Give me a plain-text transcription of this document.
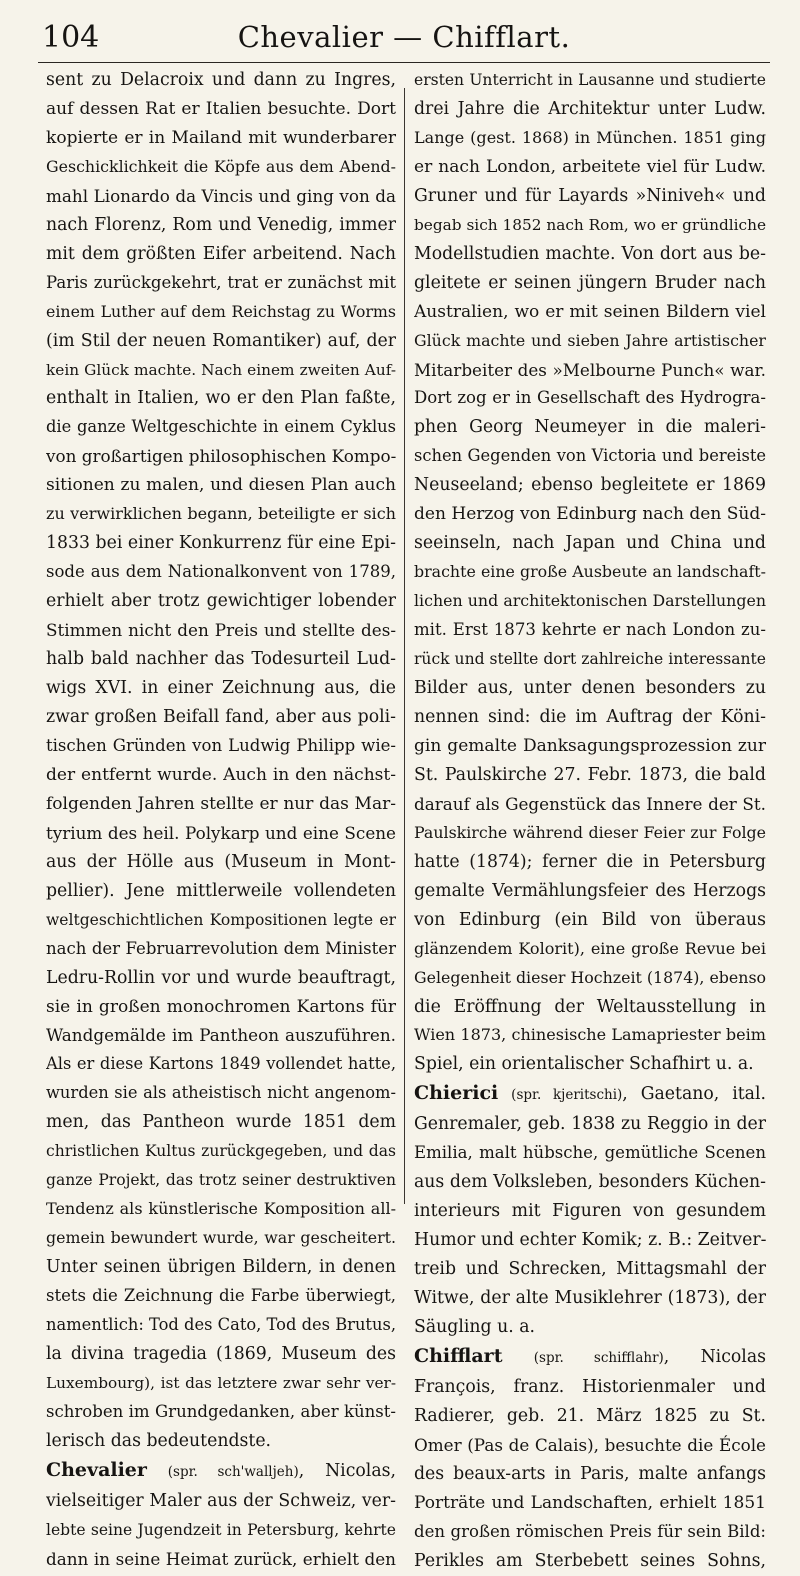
104	Chevalier — Chifflart.
sent zu Delacroix und dann zu Ingres,
auf dessen Rat er Italien besuchte. Dort
kopierte er in Mailand mit wunderbarer
Geschicklichkeit die Köpfe aus dem Abend-
mahl Lionardo da Vincis und ging von da
nach Florenz, Rom und Venedig, immer
mit dem größten Eifer arbeitend. Nach
Paris zurückgekehrt, trat er zunächst mit
einem Luther auf dem Reichstag zu Worms
(im Stil der neuen Romantiker) auf, der
kein Glück machte. Nach einem zweiten Auf-
enthalt in Italien, wo er den Plan faßte,
die ganze Weltgeschichte in einem Cyklus
von großartigen philosophischen Kompo-
sitionen zu malen, und diesen Plan auch
zu verwirklichen begann, beteiligte er sich
1833 bei einer Konkurrenz für eine Epi-
sode aus dem Nationalkonvent von 1789,
erhielt aber trotz gewichtiger lobender
Stimmen nicht den Preis und stellte des-
halb bald nachher das Todesurteil Lud-
wigs XVI. in einer Zeichnung aus, die
zwar großen Beifall fand, aber aus poli-
tischen Gründen von Ludwig Philipp wie-
der entfernt wurde. Auch in den nächst-
folgenden Jahren stellte er nur das Mar-
tyrium des heil. Polykarp und eine Scene
aus der Hölle aus (Museum in Mont-
pellier). Jene mittlerweile vollendeten
weltgeschichtlichen Kompositionen legte er
nach der Februarrevolution dem Minister
Ledru-Rollin vor und wurde beauftragt,
sie in großen monochromen Kartons für
Wandgemälde im Pantheon auszuführen.
Als er diese Kartons 1849 vollendet hatte,
wurden sie als atheistisch nicht angenom-
men, das Pantheon wurde 1851 dem
christlichen Kultus zurückgegeben, und das
ganze Projekt, das trotz seiner destruktiven
Tendenz als künstlerische Komposition all-
gemein bewundert wurde, war gescheitert.
Unter seinen übrigen Bildern, in denen
stets die Zeichnung die Farbe überwiegt,
namentlich: Tod des Cato, Tod des Brutus,
la divina tragedia (1869, Museum des
Luxembourg), ist das letztere zwar sehr ver-
schroben im Grundgedanken, aber künst-
lerisch das bedeutendste.
Chevalier (spr. sch'walljeh), Nicolas,
vielseitiger Maler aus der Schweiz, ver-
lebte seine Jugendzeit in Petersburg, kehrte
dann in seine Heimat zurück, erhielt den
ersten Unterricht in Lausanne und studierte
drei Jahre die Architektur unter Ludw.
Lange (gest. 1868) in München. 1851 ging
er nach London, arbeitete viel für Ludw.
Gruner und für Layards »Niniveh« und
begab sich 1852 nach Rom, wo er gründliche
Modellstudien machte. Von dort aus be-
gleitete er seinen jüngern Bruder nach
Australien, wo er mit seinen Bildern viel
Glück machte und sieben Jahre artistischer
Mitarbeiter des »Melbourne Punch« war.
Dort zog er in Gesellschaft des Hydrogra-
phen Georg Neumeyer in die maleri-
schen Gegenden von Victoria und bereiste
Neuseeland; ebenso begleitete er 1869
den Herzog von Edinburg nach den Süd-
seeinseln, nach Japan und China und
brachte eine große Ausbeute an landschaft-
lichen und architektonischen Darstellungen
mit. Erst 1873 kehrte er nach London zu-
rück und stellte dort zahlreiche interessante
Bilder aus, unter denen besonders zu
nennen sind: die im Auftrag der Köni-
gin gemalte Danksagungsprozession zur
St. Paulskirche 27. Febr. 1873, die bald
darauf als Gegenstück das Innere der St.
Paulskirche während dieser Feier zur Folge
hatte (1874); ferner die in Petersburg
gemalte Vermählungsfeier des Herzogs
von Edinburg (ein Bild von überaus
glänzendem Kolorit), eine große Revue bei
Gelegenheit dieser Hochzeit (1874), ebenso
die Eröffnung der Weltausstellung in
Wien 1873, chinesische Lamapriester beim
Spiel, ein orientalischer Schafhirt u. a.
Chierici (spr. kjeritschi), Gaetano, ital.
Genremaler, geb. 1838 zu Reggio in der
Emilia, malt hübsche, gemütliche Scenen
aus dem Volksleben, besonders Küchen-
interieurs mit Figuren von gesundem
Humor und echter Komik; z. B.: Zeitver-
treib und Schrecken, Mittagsmahl der
Witwe, der alte Musiklehrer (1873), der
Säugling u. a.
Chifflart (spr. schifflahr), Nicolas
François, franz. Historienmaler und
Radierer, geb. 21. März 1825 zu St.
Omer (Pas de Calais), besuchte die École
des beaux-arts in Paris, malte anfangs
Porträte und Landschaften, erhielt 1851
den großen römischen Preis für sein Bild:
Perikles am Sterbebett seines Sohns,
